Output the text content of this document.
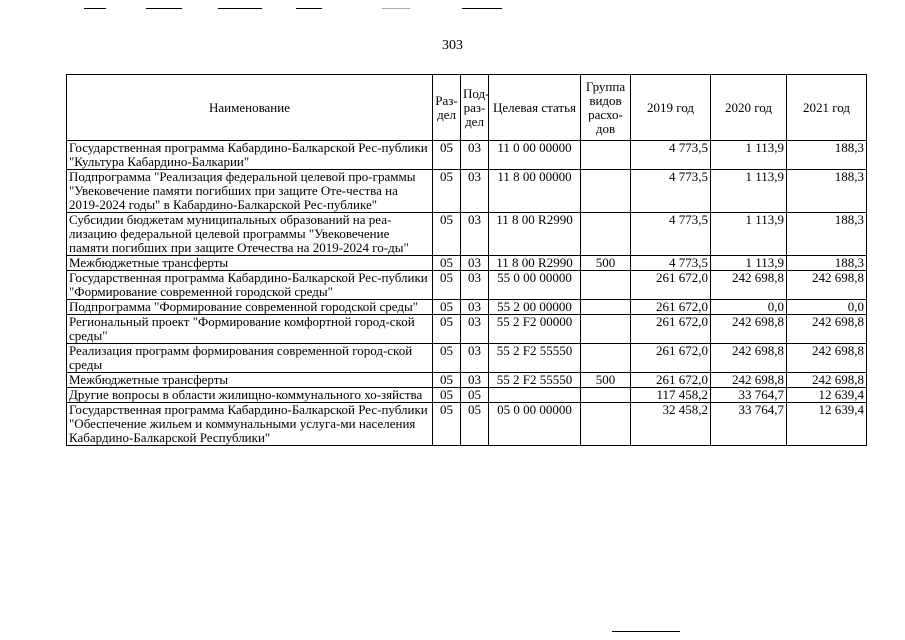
303
Наименование	Раз-дел	Под-раз-дел	Целевая статья	Группа видов расхо-дов	2019 год	2020 год	2021 год
Государственная программа Кабардино-Балкарской Рес-публики "Культура Кабардино-Балкарии"	05	03	11 0 00 00000		4 773,5	1 113,9	188,3
Подпрограмма "Реализация федеральной целевой про-граммы "Увековечение памяти погибших при защите Оте-чества на 2019-2024 годы" в Кабардино-Балкарской Рес-публике"	05	03	11 8 00 00000		4 773,5	1 113,9	188,3
Субсидии бюджетам муниципальных образований на реа-лизацию федеральной целевой программы "Увековечение памяти погибших при защите Отечества на 2019-2024 го-ды"	05	03	11 8 00 R2990		4 773,5	1 113,9	188,3
Межбюджетные трансферты	05	03	11 8 00 R2990	500	4 773,5	1 113,9	188,3
Государственная программа Кабардино-Балкарской Рес-публики "Формирование современной городской среды"	05	03	55 0 00 00000		261 672,0	242 698,8	242 698,8
Подпрограмма "Формирование современной городской среды"	05	03	55 2 00 00000		261 672,0	0,0	0,0
Региональный проект "Формирование комфортной город-ской среды"	05	03	55 2 F2 00000		261 672,0	242 698,8	242 698,8
Реализация программ формирования современной город-ской среды	05	03	55 2 F2 55550		261 672,0	242 698,8	242 698,8
Межбюджетные трансферты	05	03	55 2 F2 55550	500	261 672,0	242 698,8	242 698,8
Другие вопросы в области жилищно-коммунального хо-зяйства	05	05			117 458,2	33 764,7	12 639,4
Государственная программа Кабардино-Балкарской Рес-публики "Обеспечение жильем и коммунальными услуга-ми населения Кабардино-Балкарской Республики"	05	05	05 0 00 00000		32 458,2	33 764,7	12 639,4
